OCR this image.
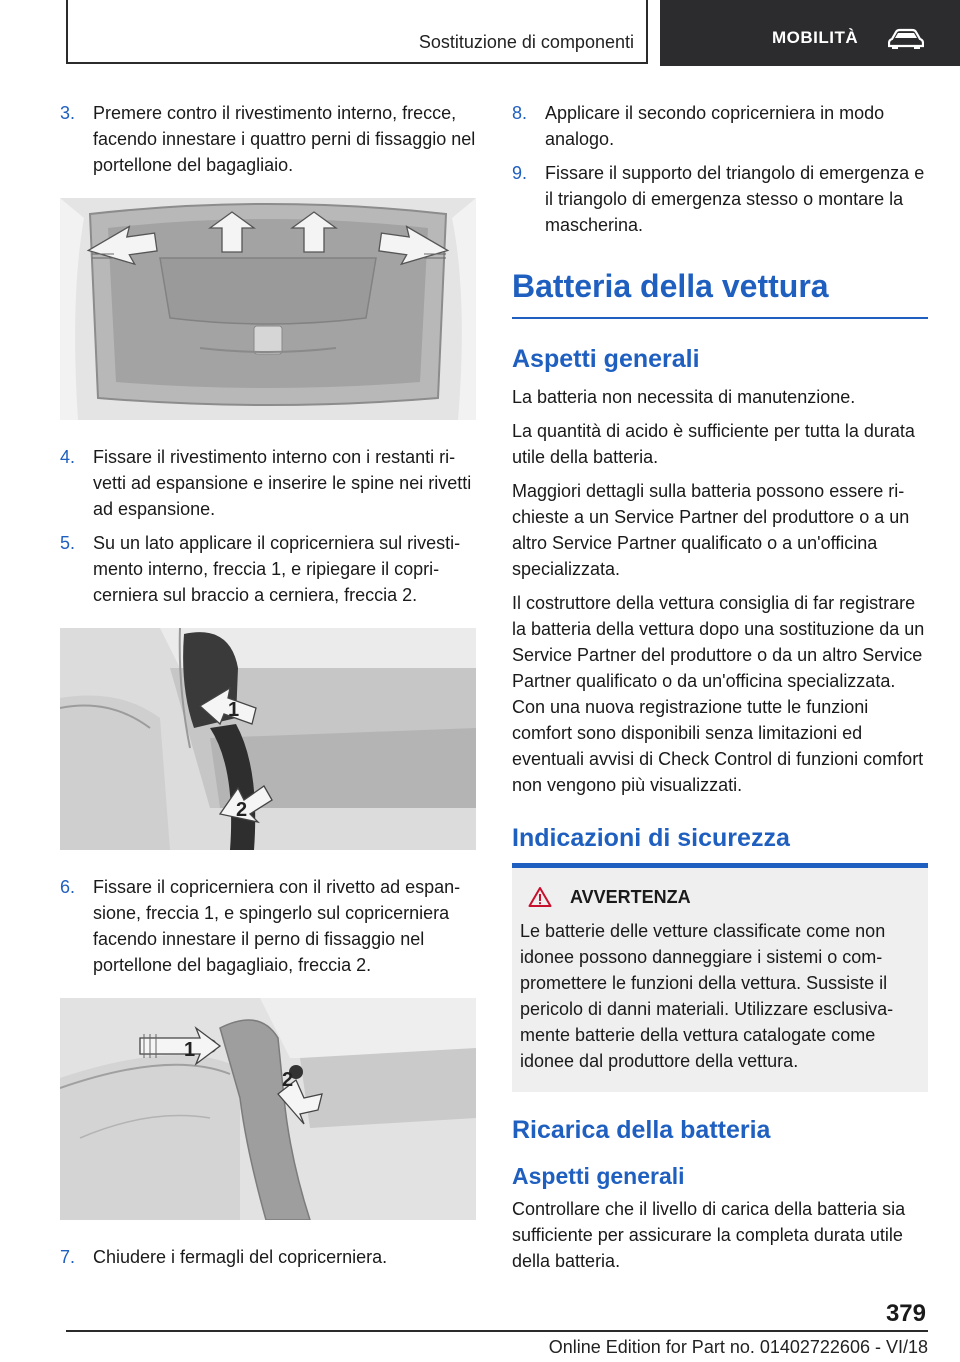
Sostituzione di componenti	MOBILITÀ
3. Premere contro il rivestimento interno, frecce, facendo innestare i quattro perni di fissaggio nel portellone del bagagliaio.
4. Fissare il rivestimento interno con i restanti rivetti ad espansione e inserire le spine nei rivetti ad espansione.
5. Su un lato applicare il copricerniera sul rivestimento interno, freccia 1, e ripiegare il copricerniera sul braccio a cerniera, freccia 2.
1
2
6. Fissare il copricerniera con il rivetto ad espansione, freccia 1, e spingerlo sul copricerniera facendo innestare il perno di fissaggio nel portellone del bagagliaio, freccia 2.
1
2
7. Chiudere i fermagli del copricerniera.
8. Applicare il secondo copricerniera in modo analogo.
9. Fissare il supporto del triangolo di emergenza e il triangolo di emergenza stesso o montare la mascherina.
Batteria della vettura
Aspetti generali

La batteria non necessita di manutenzione.

La quantità di acido è sufficiente per tutta la durata utile della batteria.

Maggiori dettagli sulla batteria possono essere richieste a un Service Partner del produttore o a un altro Service Partner qualificato o a un'officina specializzata.

Il costruttore della vettura consiglia di far registrare la batteria della vettura dopo una sostituzione da un Service Partner del produttore o da un altro Service Partner qualificato o da un'officina specializzata. Con una nuova registrazione tutte le funzioni comfort sono disponibili senza limitazioni ed eventuali avvisi di Check Control di funzioni comfort non vengono più visualizzati.

Indicazioni di sicurezza
AVVERTENZA

Le batterie delle vetture classificate come non idonee possono danneggiare i sistemi o compromettere le funzioni della vettura. Sussiste il pericolo di danni materiali. Utilizzare esclusivamente batterie della vettura catalogate come idonee dal produttore della vettura.

Ricarica della batteria
Aspetti generali

Controllare che il livello di carica della batteria sia sufficiente per assicurare la completa durata utile della batteria.

379
Online Edition for Part no. 01402722606 - VI/18
